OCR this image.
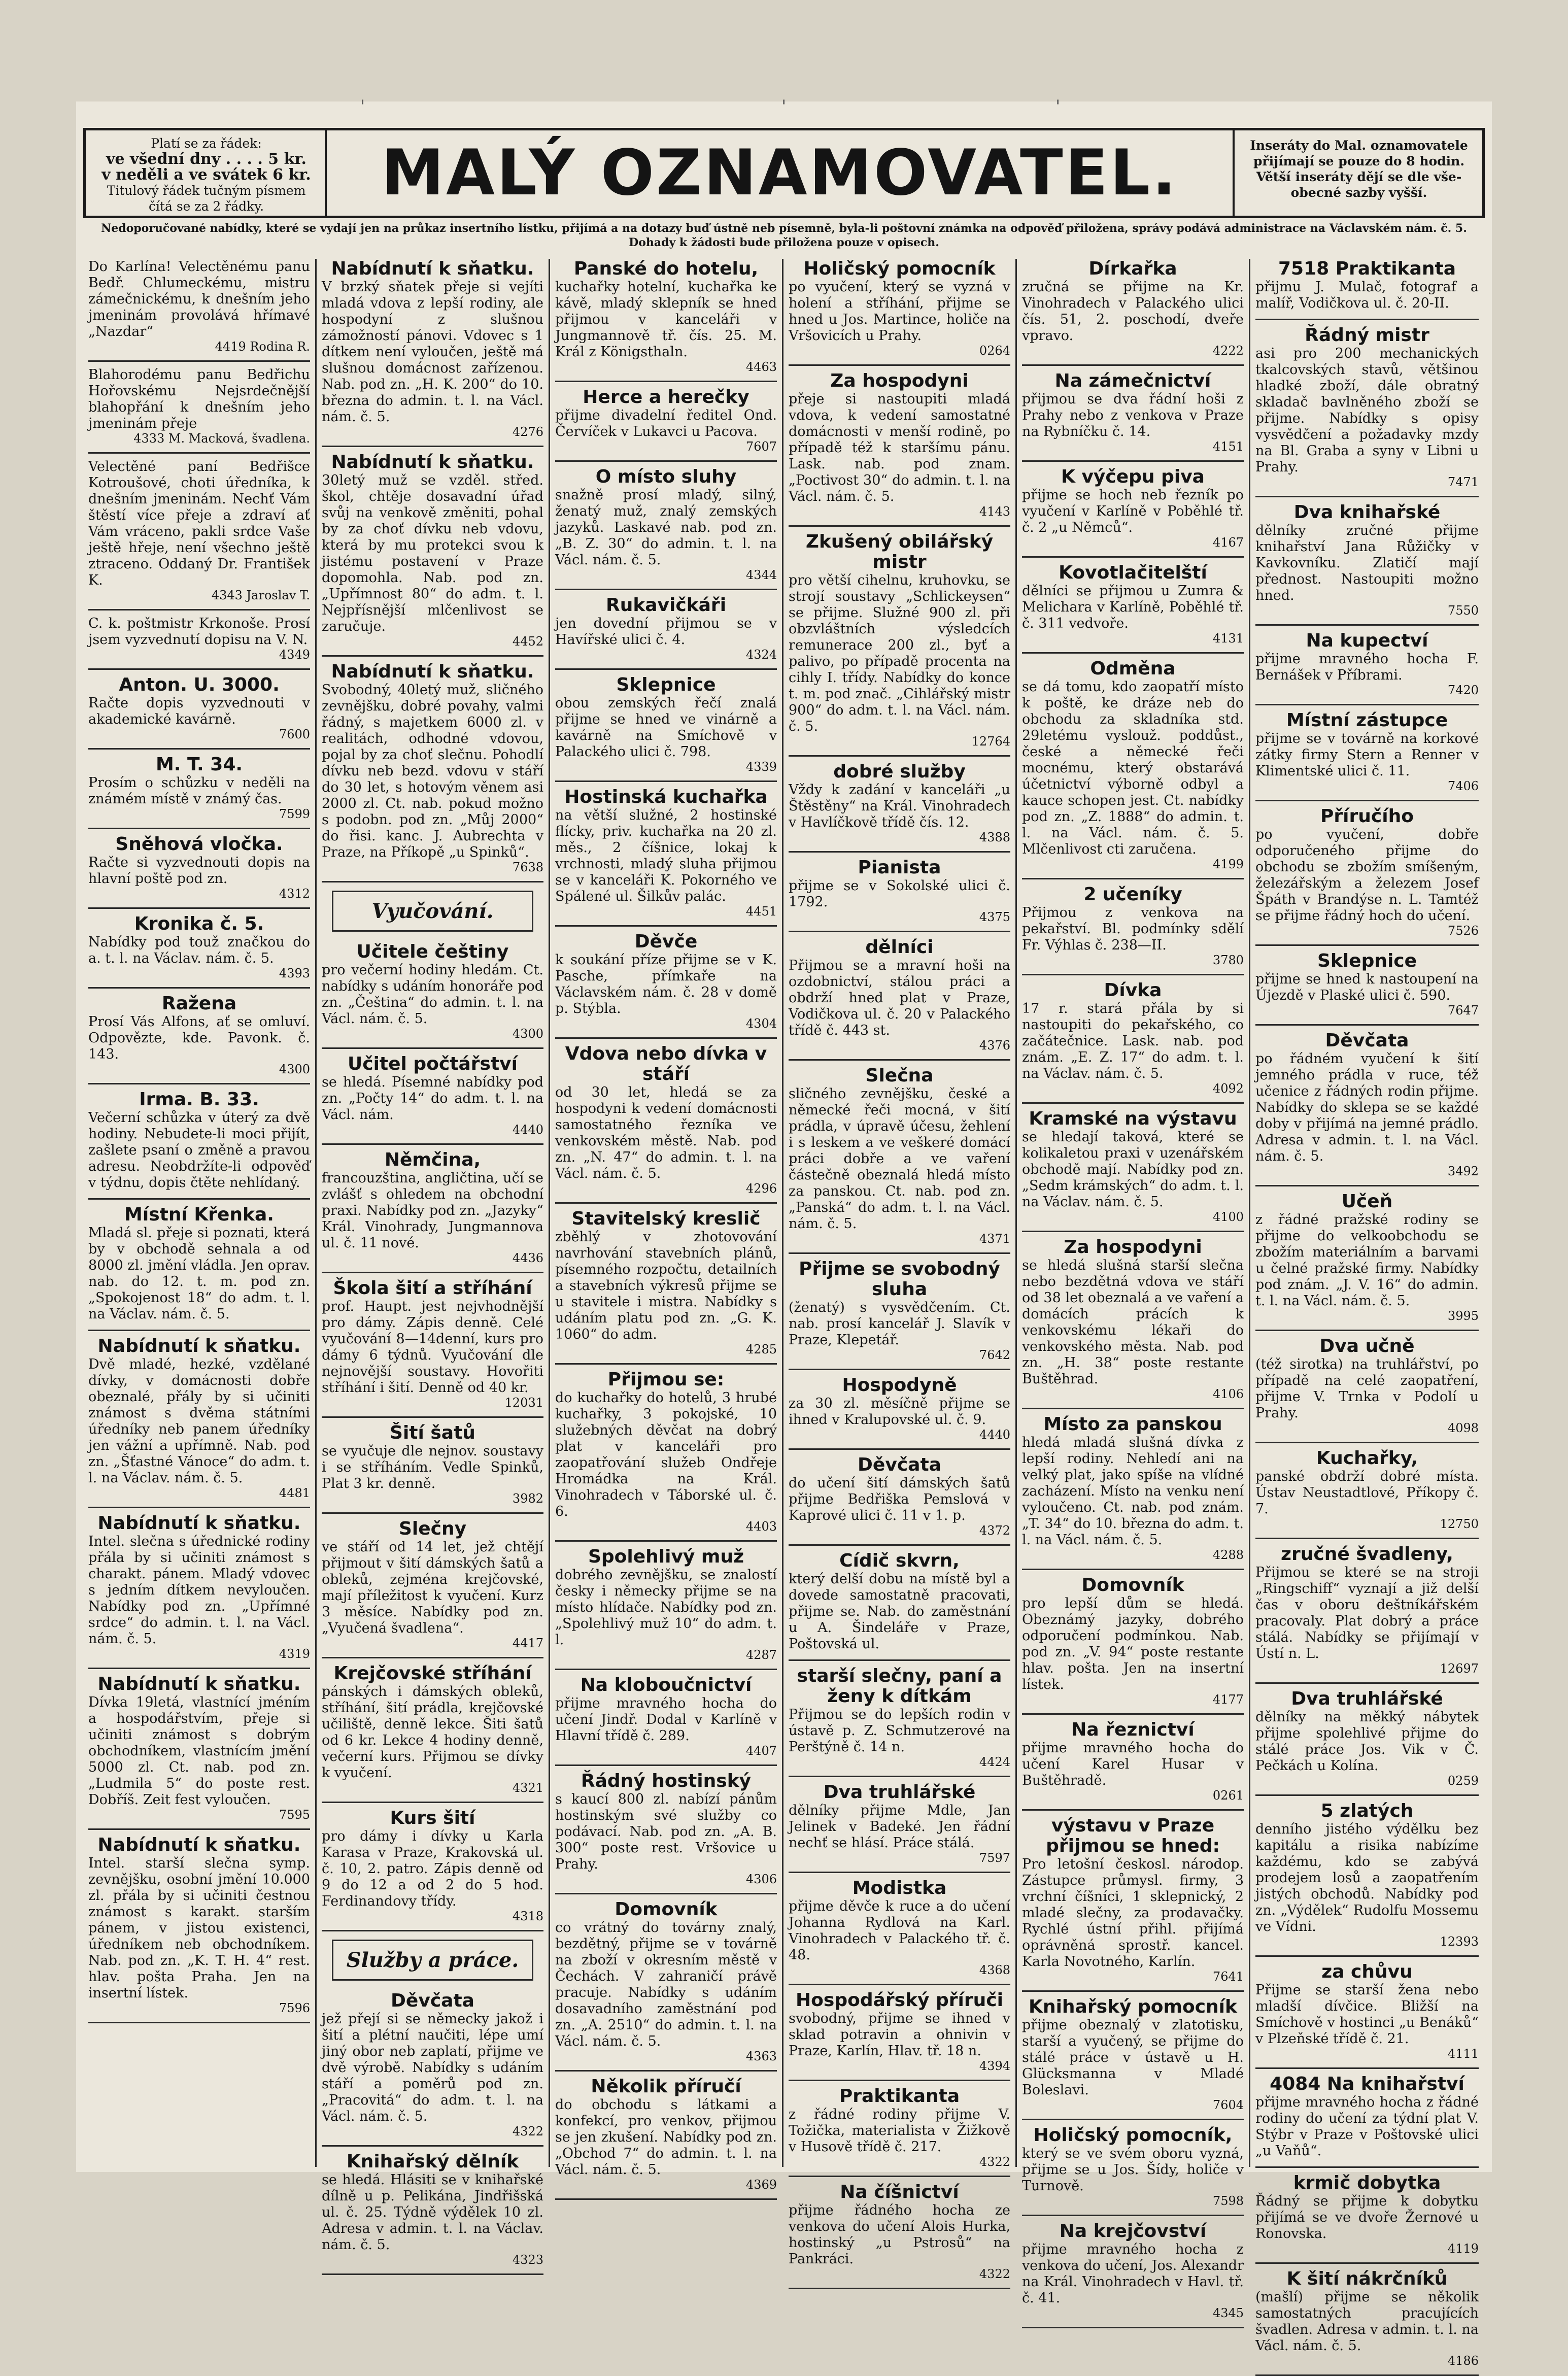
'	'	'
Platí se za řádek:
ve všední dny . . . . 5 kr.
v neděli a ve svátek 6 kr.
Titulový řádek tučným písmem
čítá se za 2 řádky.	MALÝ OZNAMOVATEL.	Inseráty do Mal. oznamovatele
přijímají se pouze do 8 hodin.
Větší inseráty dějí se dle vše-
obecné sazby vyšší.
Nedoporučované nabídky, které se vydají jen na průkaz insertního lístku, přijímá a na dotazy buď ústně neb písemně, byla-li poštovní známka na odpověď přiložena, správy podává administrace na Václavském nám. č. 5. Dohady k žádosti bude přiložena pouze v opisech.
Do Karlína! Velectěnému panu Bedř. Chlumeckému, mistru zámečnickému, k dnešním jeho jmeninám provolává hřímavé „Nazdar“
4419 Rodina R.
Blahorodému panu Bedřichu Hořovskému Nejsrdečnější blahopřání k dnešním jeho jmeninám přeje
4333 M. Macková, švadlena.
Velectěné paní Bedřišce Kotroušové, choti úředníka, k dnešním jmeninám. Nechť Vám štěstí více přeje a zdraví ať Vám vráceno, pakli srdce Vaše ještě hřeje, není všechno ještě ztraceno. Oddaný Dr. František K.
4343 Jaroslav T.
C. k. poštmistr Krkonoše. Prosí jsem vyzvednutí dopisu na V. N.
4349
Anton. U. 3000.
Račte dopis vyzvednouti v akademické kavárně.
7600
M. T. 34.
Prosím o schůzku v neděli na známém místě v známý čas.
7599
Sněhová vločka.
Račte si vyzvednouti dopis na hlavní poště pod zn.
4312
Kronika č. 5.
Nabídky pod touž značkou do a. t. l. na Václav. nám. č. 5.
4393
Ražena
Prosí Vás Alfons, ať se omluví. Odpovězte, kde. Pavonk. č. 143.
4300
Irma. B. 33.
Večerní schůzka v úterý za dvě hodiny. Nebudete-li moci přijít, zašlete psaní o změně a pravou adresu. Neobdržíte-li odpověď v týdnu, dopis čtěte nehlídaný.
Místní Křenka.
Mladá sl. přeje si poznati, která by v obchodě sehnala a od 8000 zl. jmění vládla. Jen oprav. nab. do 12. t. m. pod zn. „Spokojenost 18“ do adm. t. l. na Václav. nám. č. 5.
Nabídnutí k sňatku.
Dvě mladé, hezké, vzdělané dívky, v domácnosti dobře obeznalé, přály by si učiniti známost s dvěma státními úředníky neb panem úředníky jen vážní a upřímně. Nab. pod zn. „Šťastné Vánoce“ do adm. t. l. na Václav. nám. č. 5.
4481
Nabídnutí k sňatku.
Intel. slečna s úřednické rodiny přála by si učiniti známost s charakt. pánem. Mladý vdovec s jedním dítkem nevyloučen. Nabídky pod zn. „Upřímné srdce“ do admin. t. l. na Václ. nám. č. 5.
4319
Nabídnutí k sňatku.
Dívka 19letá, vlastnící jméním a hospodářstvím, přeje si učiniti známost s dobrým obchodníkem, vlastnícím jmění 5000 zl. Ct. nab. pod zn. „Ludmila 5“ do poste rest. Dobříš. Zeit fest vyloučen.
7595
Nabídnutí k sňatku.
Intel. starší slečna symp. zevnějšku, osobní jmění 10.000 zl. přála by si učiniti čestnou známost s karakt. starším pánem, v jistou existenci, úředníkem neb obchodníkem. Nab. pod zn. „K. T. H. 4“ rest. hlav. pošta Praha. Jen na insertní lístek.
7596
Nabídnutí k sňatku.
V brzký sňatek přeje si vejíti mladá vdova z lepší rodiny, ale hospodyní z slušnou zámožností pánovi. Vdovec s 1 dítkem není vyloučen, ještě má slušnou domácnost zařízenou. Nab. pod zn. „H. K. 200“ do 10. března do admin. t. l. na Václ. nám. č. 5.
4276
Nabídnutí k sňatku.
30letý muž se vzděl. střed. škol, chtěje dosavadní úřad svůj na venkově změniti, pohal by za choť dívku neb vdovu, která by mu protekci svou k jistému postavení v Praze dopomohla. Nab. pod zn. „Upřímnost 80“ do adm. t. l. Nejpřísnější mlčenlivost se zaručuje.
4452
Nabídnutí k sňatku.
Svobodný, 40letý muž, sličného zevnějšku, dobré povahy, valmi řádný, s majetkem 6000 zl. v realitách, odhodné vdovou, pojal by za choť slečnu. Pohodlí dívku neb bezd. vdovu v stáří do 30 let, s hotovým věnem asi 2000 zl. Ct. nab. pokud možno s podobn. pod zn. „Můj 2000“ do řisi. kanc. J. Aubrechta v Praze, na Příkopě „u Spinků“.
7638
Vyučování.
Učitele češtiny
pro večerní hodiny hledám. Ct. nabídky s udáním honoráře pod zn. „Čeština“ do admin. t. l. na Václ. nám. č. 5.
4300
Učitel počtářství
se hledá. Písemné nabídky pod zn. „Počty 14“ do adm. t. l. na Václ. nám.
4440
Němčina,
francouzština, angličtina, učí se zvlášť s ohledem na obchodní praxi. Nabídky pod zn. „Jazyky“ Král. Vinohrady, Jungmannova ul. č. 11 nové.
4436
Škola šití a stříhání
prof. Haupt. jest nejvhodnější pro dámy. Zápis denně. Celé vyučování 8—14denní, kurs pro dámy 6 týdnů. Vyučování dle nejnovější soustavy. Hovořiti stříhání i šití. Denně od 40 kr.
12031
Šití šatů
se vyučuje dle nejnov. soustavy i se stříháním. Vedle Spinků, Plat 3 kr. denně.
3982
Slečny
ve stáří od 14 let, jež chtějí přijmout v šití dámských šatů a obleků, zejména krejčovské, mají příležitost k vyučení. Kurz 3 měsíce. Nabídky pod zn. „Vyučená švadlena“.
4417
Krejčovské stříhání
pánských i dámských obleků, stříhání, šití prádla, krejčovské učiliště, denně lekce. Šiti šatů od 6 kr. Lekce 4 hodiny denně, večerní kurs. Přijmou se dívky k vyučení.
4321
Kurs šití
pro dámy i dívky u Karla Karasa v Praze, Krakovská ul. č. 10, 2. patro. Zápis denně od 9 do 12 a od 2 do 5 hod. Ferdinandovy třídy.
4318
Služby a práce.
Děvčata
jež přejí si se německy jakož i šití a plétní naučiti, lépe umí jiný obor neb zaplatí, přijme ve dvě výrobě. Nabídky s udáním stáří a poměrů pod zn. „Pracovitá“ do adm. t. l. na Václ. nám. č. 5.
4322
Knihařský dělník
se hledá. Hlásiti se v knihařské dílně u p. Pelikána, Jindřišská ul. č. 25. Týdně výdělek 10 zl. Adresa v admin. t. l. na Václav. nám. č. 5.
4323
Panské do hotelu,
kuchařky hotelní, kuchařka ke kávě, mladý sklepník se hned přijmou v kanceláři v Jungmannově tř. čís. 25. M. Král z Königsthaln.
4463
Herce a herečky
přijme divadelní ředitel Ond. Červíček v Lukavci u Pacova.
7607
O místo sluhy
snažně prosí mladý, silný, ženatý muž, znalý zemských jazyků. Laskavé nab. pod zn. „B. Z. 30“ do admin. t. l. na Václ. nám. č. 5.
4344
Rukavičkáři
jen dovední přijmou se v Havířské ulici č. 4.
4324
Sklepnice
obou zemských řečí znalá přijme se hned ve vinárně a kavárně na Smíchově v Palackého ulici č. 798.
4339
Hostinská kuchařka
na větší služné, 2 hostinské flícky, priv. kuchařka na 20 zl. měs., 2 číšnice, lokaj k vrchnosti, mladý sluha přijmou se v kanceláři K. Pokorného ve Spálené ul. Šilkův palác.
4451
Děvče
k soukání příze přijme se v K. Pasche, přímkaře na Václavském nám. č. 28 v domě p. Stýbla.
4304
Vdova nebo dívka v stáří
od 30 let, hledá se za hospodyni k vedení domácnosti samostatného řezníka ve venkovském městě. Nab. pod zn. „N. 47“ do admin. t. l. na Václ. nám. č. 5.
4296
Stavitelský kreslič
zběhlý v zhotovování navrhování stavebních plánů, písemného rozpočtu, detailních a stavebních výkresů přijme se u stavitele i mistra. Nabídky s udáním platu pod zn. „G. K. 1060“ do adm.
4285
Přijmou se:
do kuchařky do hotelů, 3 hrubé kuchařky, 3 pokojské, 10 služebných děvčat na dobrý plat v kanceláři pro zaopatřování služeb Ondřeje Hromádka na Král. Vinohradech v Táborské ul. č. 6.
4403
Spolehlivý muž
dobrého zevnějšku, se znalostí česky i německy přijme se na místo hlídače. Nabídky pod zn. „Spolehlivý muž 10“ do adm. t. l.
4287
Na kloboučnictví
přijme mravného hocha do učení Jindř. Dodal v Karlíně v Hlavní třídě č. 289.
4407
Řádný hostinský
s kaucí 800 zl. nabízí pánům hostinským své služby co podávací. Nab. pod zn. „A. B. 300“ poste rest. Vršovice u Prahy.
4306
Domovník
co vrátný do továrny znalý, bezdětný, přijme se v továrně na zboží v okresním městě v Čechách. V zahraničí právě pracuje. Nabídky s udáním dosavadního zaměstnání pod zn. „A. 2510“ do admin. t. l. na Václ. nám. č. 5.
4363
Několik příručí
do obchodu s látkami a konfekcí, pro venkov, přijmou se jen zkušení. Nabídky pod zn. „Obchod 7“ do admin. t. l. na Václ. nám. č. 5.
4369
Holičský pomocník
po vyučení, který se vyzná v holení a stříhání, přijme se hned u Jos. Martince, holiče na Vršovicích u Prahy.
0264
Za hospodyni
přeje si nastoupiti mladá vdova, k vedení samostatné domácnosti v menší rodině, po případě též k staršímu pánu. Lask. nab. pod znam. „Poctivost 30“ do admin. t. l. na Václ. nám. č. 5.
4143
Zkušený obilářský mistr
pro větší cihelnu, kruhovku, se strojí soustavy „Schlickeysen“ se přijme. Služné 900 zl. při obzvláštních výsledcích remunerace 200 zl., byť a palivo, po případě procenta na cihly I. třídy. Nabídky do konce t. m. pod znač. „Cihlářský mistr 900“ do adm. t. l. na Václ. nám. č. 5.
12764
dobré služby
Vždy k zadání v kanceláři „u Štěstěny“ na Král. Vinohradech v Havlíčkově třídě čís. 12.
4388
Pianista
přijme se v Sokolské ulici č. 1792.
4375
dělníci
Přijmou se a mravní hoši na ozdobnictví, stálou práci a obdrží hned plat v Praze, Vodičkova ul. č. 20 v Palackého třídě č. 443 st.
4376
Slečna
sličného zevnějšku, české a německé řeči mocná, v šití prádla, v úpravě účesu, žehlení i s leskem a ve veškeré domácí práci dobře a ve vaření částečně obeznalá hledá místo za panskou. Ct. nab. pod zn. „Panská“ do adm. t. l. na Václ. nám. č. 5.
4371
Přijme se svobodný sluha
(ženatý) s vysvědčením. Ct. nab. prosí kancelář J. Slavík v Praze, Klepetář.
7642
Hospodyně
za 30 zl. měsíčně přijme se ihned v Kralupovské ul. č. 9.
4440
Děvčata
do učení šití dámských šatů přijme Bedřiška Pemslová v Kaprové ulici č. 11 v 1. p.
4372
Cídič skvrn,
který delší dobu na místě byl a dovede samostatně pracovati, přijme se. Nab. do zaměstnání u A. Šindeláře v Praze, Poštovská ul.
starší slečny, paní a ženy k dítkám
Přijmou se do lepších rodin v ústavě p. Z. Schmutzerové na Perštýně č. 14 n.
4424
Dva truhlářské
dělníky přijme Mdle, Jan Jelinek v Badeké. Jen řádní nechť se hlásí. Práce stálá.
7597
Modistka
přijme děvče k ruce a do učení Johanna Rydlová na Karl. Vinohradech v Palackého tř. č. 48.
4368
Hospodářský příruči
svobodný, přijme se ihned v sklad potravin a ohnivin v Praze, Karlín, Hlav. tř. 18 n.
4394
Praktikanta
z řádné rodiny přijme V. Tožička, materialista v Žižkově v Husově třídě č. 217.
4322
Na číšnictví
přijme řádného hocha ze venkova do učení Alois Hurka, hostinský „u Pstrosů“ na Pankráci.
4322
Dírkařka
zručná se přijme na Kr. Vinohradech v Palackého ulici čís. 51, 2. poschodí, dveře vpravo.
4222
Na zámečnictví
přijmou se dva řádní hoši z Prahy nebo z venkova v Praze na Rybníčku č. 14.
4151
K výčepu piva
přijme se hoch neb řezník po vyučení v Karlíně v Poběhlé tř. č. 2 „u Němců“.
4167
Kovotlačitelští
dělníci se přijmou u Zumra & Melichara v Karlíně, Poběhlé tř. č. 311 vedvoře.
4131
Odměna
se dá tomu, kdo zaopatří místo k poště, ke dráze neb do obchodu za skladníka std. 29letému vyslouž. poddůst., české a německé řeči mocnému, který obstarává účetnictví výborně odbyl a kauce schopen jest. Ct. nabídky pod zn. „Z. 1888“ do admin. t. l. na Václ. nám. č. 5. Mlčenlivost cti zaručena.
4199
2 učeníky
Přijmou z venkova na pekařství. Bl. podmínky sdělí Fr. Výhlas č. 238—II.
3780
Dívka
17 r. stará přála by si nastoupiti do pekařského, co začátečnice. Lask. nab. pod znám. „E. Z. 17“ do adm. t. l. na Václav. nám. č. 5.
4092
Kramské na výstavu
se hledají taková, které se kolikaletou praxi v uzenářském obchodě mají. Nabídky pod zn. „Sedm krámských“ do adm. t. l. na Václav. nám. č. 5.
4100
Za hospodyni
se hledá slušná starší slečna nebo bezdětná vdova ve stáří od 38 let obeznalá a ve vaření a domácích prácích k venkovskému lékaři do venkovského města. Nab. pod zn. „H. 38“ poste restante Buštěhrad.
4106
Místo za panskou
hledá mladá slušná dívka z lepší rodiny. Nehledí ani na velký plat, jako spíše na vlídné zacházení. Místo na venku není vyloučeno. Ct. nab. pod znám. „T. 34“ do 10. března do adm. t. l. na Václ. nám. č. 5.
4288
Domovník
pro lepší dům se hledá. Obeznámý jazyky, dobrého odporučení podmínkou. Nab. pod zn. „V. 94“ poste restante hlav. pošta. Jen na insertní lístek.
4177
Na řeznictví
přijme mravného hocha do učení Karel Husar v Buštěhradě.
0261
výstavu v Praze přijmou se hned:
Pro letošní českosl. národop. Zástupce průmysl. firmy, 3 vrchní číšníci, 1 sklepnický, 2 mladé slečny, za prodavačky. Rychlé ústní přihl. přijímá oprávněná sprostř. kancel. Karla Novotného, Karlín.
7641
Knihařský pomocník
přijme obeznalý v zlatotisku, starší a vyučený, se přijme do stálé práce v ústavě u H. Glücksmanna v Mladé Boleslavi.
7604
Holičský pomocník,
který se ve svém oboru vyzná, přijme se u Jos. Šídy, holiče v Turnově.
7598
Na krejčovství
přijme mravného hocha z venkova do učení, Jos. Alexandr na Král. Vinohradech v Havl. tř. č. 41.
4345
7518 Praktikanta
přijmu J. Mulač, fotograf a malíř, Vodičkova ul. č. 20-II.
Řádný mistr
asi pro 200 mechanických tkalcovských stavů, většinou hladké zboží, dále obratný skladač bavlněného zboží se přijme. Nabídky s opisy vysvědčení a požadavky mzdy na Bl. Graba a syny v Libni u Prahy.
7471
Dva knihařské
dělníky zručné přijme knihařství Jana Růžičky v Kavkovníku. Zlatičí mají přednost. Nastoupiti možno hned.
7550
Na kupectví
přijme mravného hocha F. Bernášek v Příbrami.
7420
Místní zástupce
přijme se v továrně na korkové zátky firmy Stern a Renner v Klimentské ulici č. 11.
7406
Příručího
po vyučení, dobře odporučeného přijme do obchodu se zbožím smíšeným, železářským a železem Josef Špáth v Brandýse n. L. Tamtéž se přijme řádný hoch do učení.
7526
Sklepnice
přijme se hned k nastoupení na Újezdě v Plaské ulici č. 590.
7647
Děvčata
po řádném vyučení k šití jemného prádla v ruce, též učenice z řádných rodin přijme. Nabídky do sklepa se se každé doby v přijímá na jemné prádlo. Adresa v admin. t. l. na Václ. nám. č. 5.
3492
Učeň
z řádné pražské rodiny se přijme do velkoobchodu se zbožím materiálním a barvami u čelné pražské firmy. Nabídky pod znám. „J. V. 16“ do admin. t. l. na Václ. nám. č. 5.
3995
Dva učně
(též sirotka) na truhlářství, po případě na celé zaopatření, přijme V. Trnka v Podolí u Prahy.
4098
Kuchařky,
panské obdrží dobré místa. Ústav Neustadtlové, Příkopy č. 7.
12750
zručné švadleny,
Přijmou se které se na stroji „Ringschiff“ vyznají a již delší čas v oboru deštníkářském pracovaly. Plat dobrý a práce stálá. Nabídky se přijímají v Ústí n. L.
12697
Dva truhlářské
dělníky na měkký nábytek přijme spolehlivé přijme do stálé práce Jos. Vik v Č. Pečkách u Kolína.
0259
5 zlatých
denního jistého výdělku bez kapitálu a risika nabízíme každému, kdo se zabývá prodejem losů a zaopatřením jistých obchodů. Nabídky pod zn. „Výdělek“ Rudolfu Mossemu ve Vídni.
12393
za chůvu
Přijme se starší žena nebo mladší dívčice. Bližší na Smíchově v hostinci „u Benáků“ v Plzeňské třídě č. 21.
4111
4084 Na knihařství
přijme mravného hocha z řádné rodiny do učení za týdní plat V. Stýbr v Praze v Poštovské ulici „u Vaňů“.
krmič dobytka
Řádný se přijme k dobytku přijímá se ve dvoře Žernové u Ronovska.
4119
K šití nákrčníků
(mašlí) přijme se několik samostatných pracujících švadlen. Adresa v admin. t. l. na Václ. nám. č. 5.
4186
